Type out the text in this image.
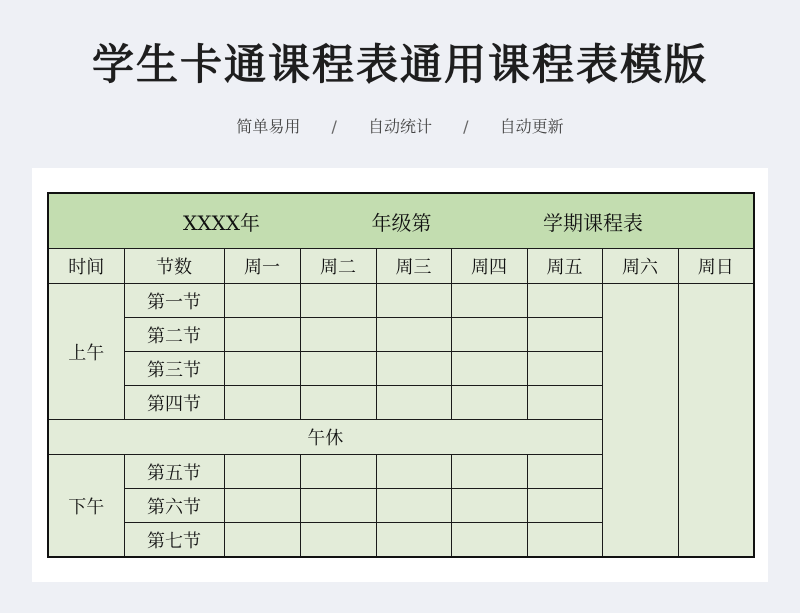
学生卡通课程表通用课程表模版
简单易用 / 自动统计 / 自动更新
XXXX年 年级第 学期课程表								

时间	节数	周一	周二	周三	周四	周五	周六	周日
上午	第一节							
	第二节							
	第三节							
	第四节							
午休								
下午	第五节							
	第六节							
	第七节							
